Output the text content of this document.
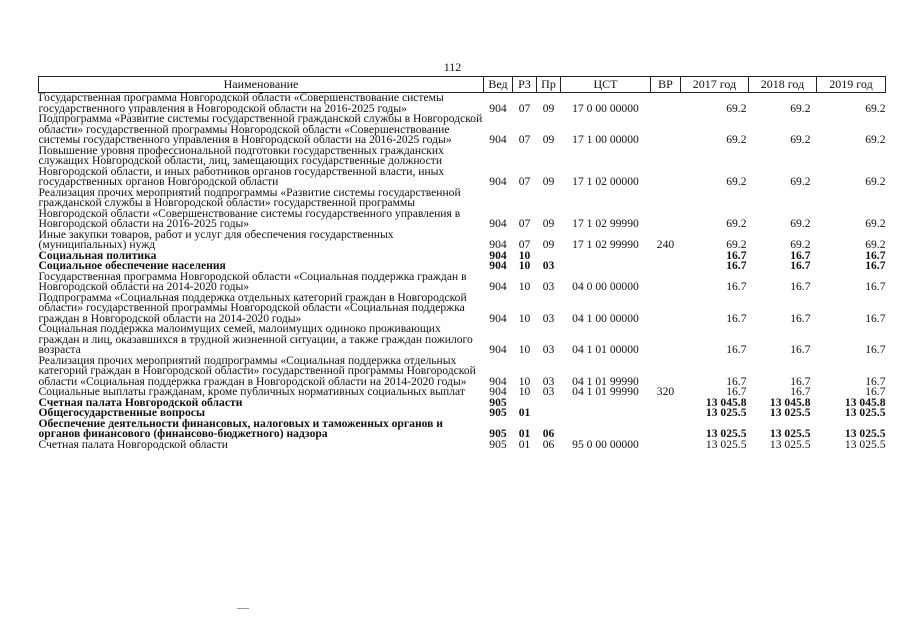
112
Наименование	Вед	РЗ	Пр	ЦСТ	ВР	2017 год	2018 год	2019 год
Государственная программа Новгородской области «Совершенствование системы государственного управления в Новгородской области на 2016-2025 годы»	904	07	09	17 0 00 00000		69.2	69.2	69.2
Подпрограмма «Развитие системы государственной гражданской службы в Новгородской области» государственной программы Новгородской области «Совершенствование системы государственного управления в Новгородской области на 2016-2025 годы»	904	07	09	17 1 00 00000		69.2	69.2	69.2
Повышение уровня профессиональной подготовки государственных гражданских служащих Новгородской области, лиц, замещающих государственные должности Новгородской области, и иных работников органов государственной власти, иных государственных органов Новгородской области	904	07	09	17 1 02 00000		69.2	69.2	69.2
Реализация прочих мероприятий подпрограммы «Развитие системы государственной гражданской службы в Новгородской области» государственной программы Новгородской области «Совершенствование системы государственного управления в Новгородской области на 2016-2025 годы»	904	07	09	17 1 02 99990		69.2	69.2	69.2
Иные закупки товаров, работ и услуг для обеспечения государственных (муниципальных) нужд	904	07	09	17 1 02 99990	240	69.2	69.2	69.2
Социальная политика	904	10				16.7	16.7	16.7
Социальное обеспечение населения	904	10	03			16.7	16.7	16.7
Государственная программа Новгородской области «Социальная поддержка граждан в Новгородской области на 2014-2020 годы»	904	10	03	04 0 00 00000		16.7	16.7	16.7
Подпрограмма «Социальная поддержка отдельных категорий граждан в Новгородской области» государственной программы Новгородской области «Социальная поддержка граждан в Новгородской области на 2014-2020 годы»	904	10	03	04 1 00 00000		16.7	16.7	16.7
Социальная поддержка малоимущих семей, малоимущих одиноко проживающих граждан и лиц, оказавшихся в трудной жизненной ситуации, а также граждан пожилого возраста	904	10	03	04 1 01 00000		16.7	16.7	16.7
Реализация прочих мероприятий подпрограммы «Социальная поддержка отдельных категорий граждан в Новгородской области» государственной программы Новгородской области «Социальная поддержка граждан в Новгородской области на 2014-2020 годы»	904	10	03	04 1 01 99990		16.7	16.7	16.7
Социальные выплаты гражданам, кроме публичных нормативных социальных выплат	904	10	03	04 1 01 99990	320	16.7	16.7	16.7
Счетная палата Новгородской области	905					13 045.8	13 045.8	13 045.8
Общегосударственные вопросы	905	01				13 025.5	13 025.5	13 025.5
Обеспечение деятельности финансовых, налоговых и таможенных органов и органов финансового (финансово-бюджетного) надзора	905	01	06			13 025.5	13 025.5	13 025.5
Счетная палата Новгородской области	905	01	06	95 0 00 00000		13 025.5	13 025.5	13 025.5
